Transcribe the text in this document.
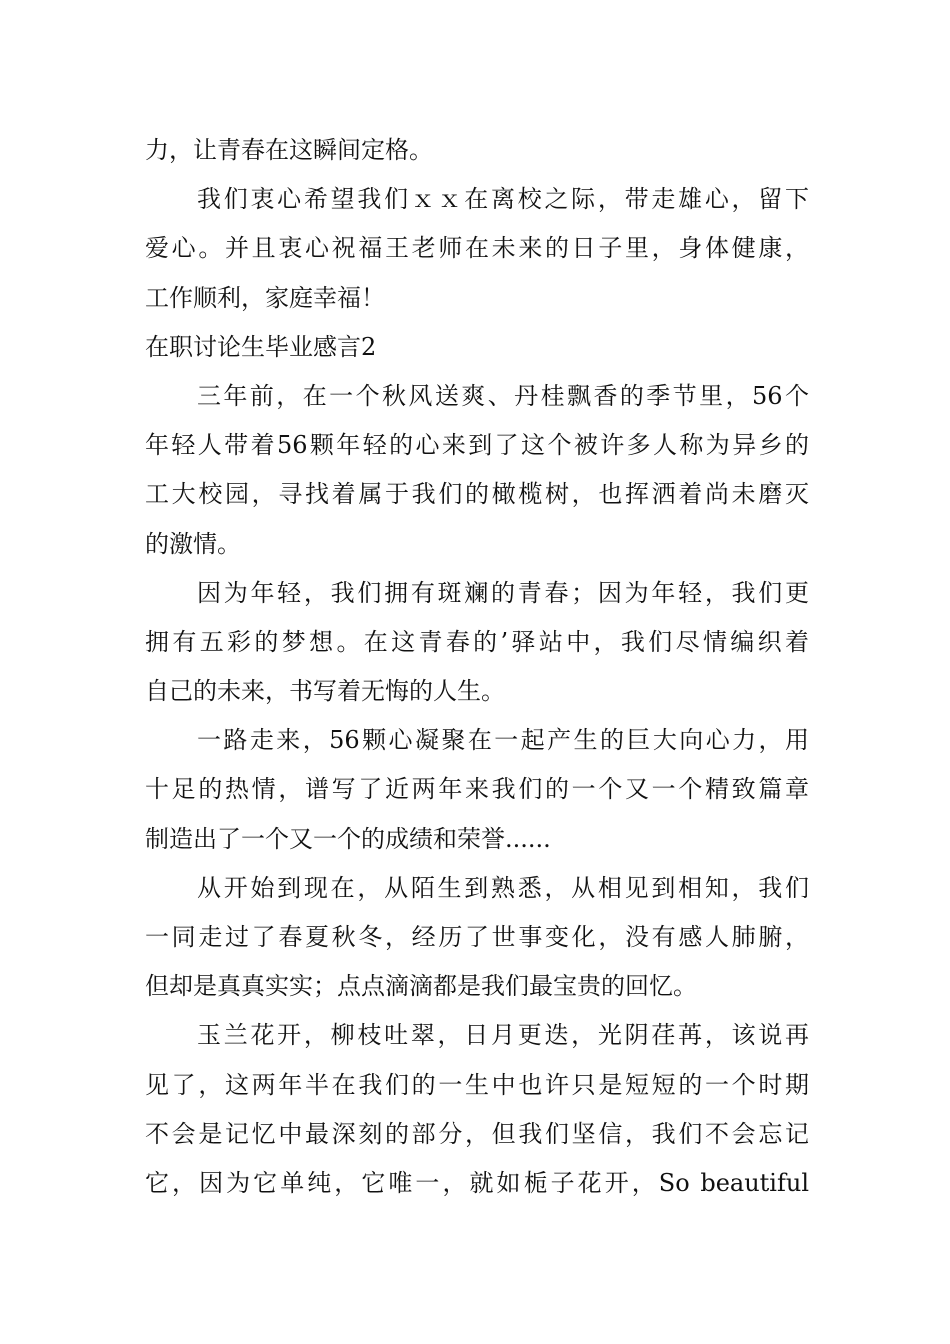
力，让青春在这瞬间定格。
我们衷心希望我们ｘｘ在离校之际，带走雄心，留下
爱心。并且衷心祝福王老师在未来的日子里，身体健康，
工作顺利，家庭幸福！
在职讨论生毕业感言2
三年前，在一个秋风送爽、丹桂飘香的季节里，56个
年轻人带着56颗年轻的心来到了这个被许多人称为异乡的
工大校园，寻找着属于我们的橄榄树，也挥洒着尚未磨灭
的激情。
因为年轻，我们拥有斑斓的青春；因为年轻，我们更
拥有五彩的梦想。在这青春的’驿站中，我们尽情编织着
自己的未来，书写着无悔的人生。
一路走来，56颗心凝聚在一起产生的巨大向心力，用
十足的热情，谱写了近两年来我们的一个又一个精致篇章
制造出了一个又一个的成绩和荣誉......
从开始到现在，从陌生到熟悉，从相见到相知，我们
一同走过了春夏秋冬，经历了世事变化，没有感人肺腑，
但却是真真实实；点点滴滴都是我们最宝贵的回忆。
玉兰花开，柳枝吐翠，日月更迭，光阴荏苒，该说再
见了，这两年半在我们的一生中也许只是短短的一个时期
不会是记忆中最深刻的部分，但我们坚信，我们不会忘记
它，因为它单纯，它唯一，就如栀子花开，So beautiful
